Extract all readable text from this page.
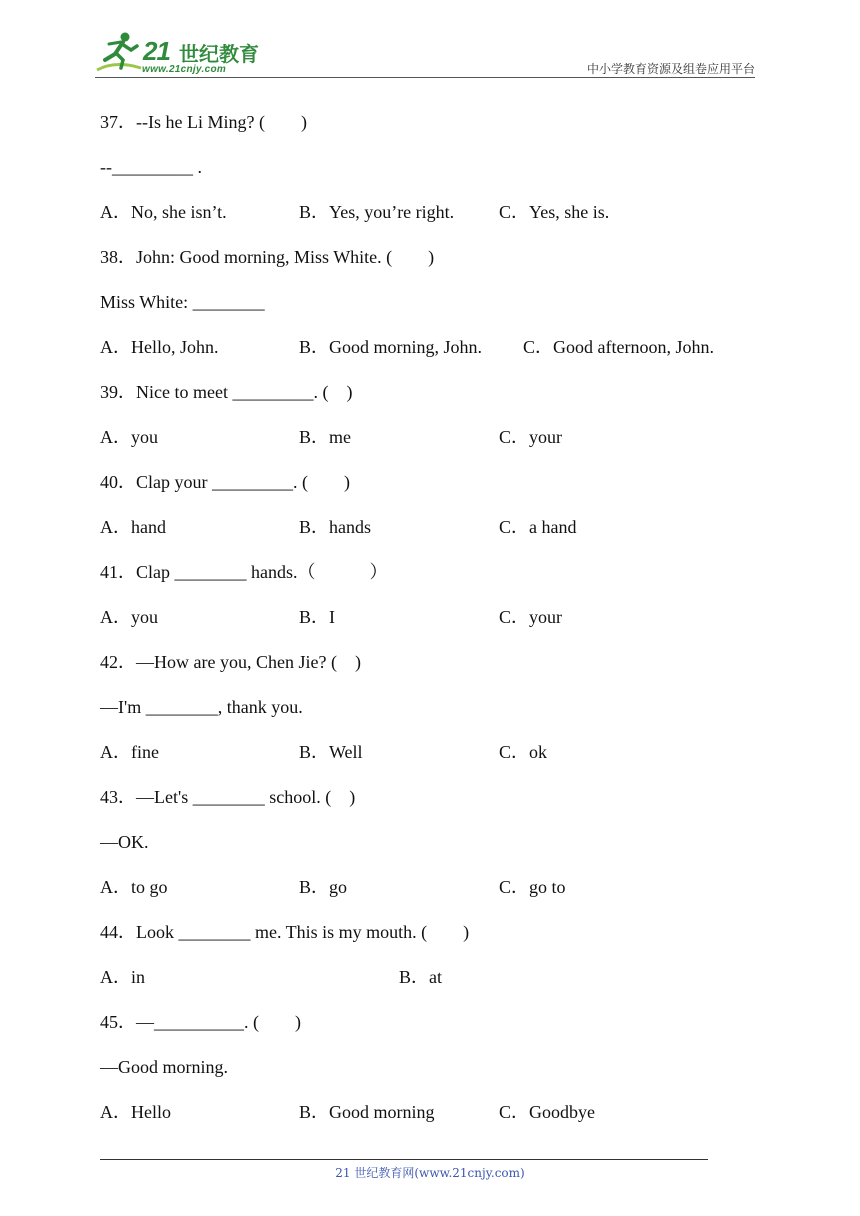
21 世纪教育
www.21cnjy.com	中小学教育资源及组卷应用平台
37．--Is he Li Ming? (　　)
--_________ .
A．No, she isn’t.	B．Yes, you’re right. C．Yes, she is.
38．John: Good morning, Miss White. (　　)
Miss White: ________
A．Hello, John.	B．Good morning, John. C．Good afternoon, John.
39．Nice to meet _________. (　)
A．you	B．me	C．your
40．Clap your _________. (　　)
A．hand	B．hands	C．a hand
41．Clap ________ hands.（　　　）
A．you	B．I	C．your
42．—How are you, Chen Jie? (　)
—I'm ________, thank you.
A．fine	B．Well	C．ok
43．—Let's ________ school. (　)
—OK.
A．to go	B．go	C．go to
44．Look ________ me. This is my mouth. (　　)
A．in	B．at
45．—__________. (　　)
—Good morning.
A．Hello	B．Good morning	C．Goodbye
21 世纪教育网(www.21cnjy.com)
